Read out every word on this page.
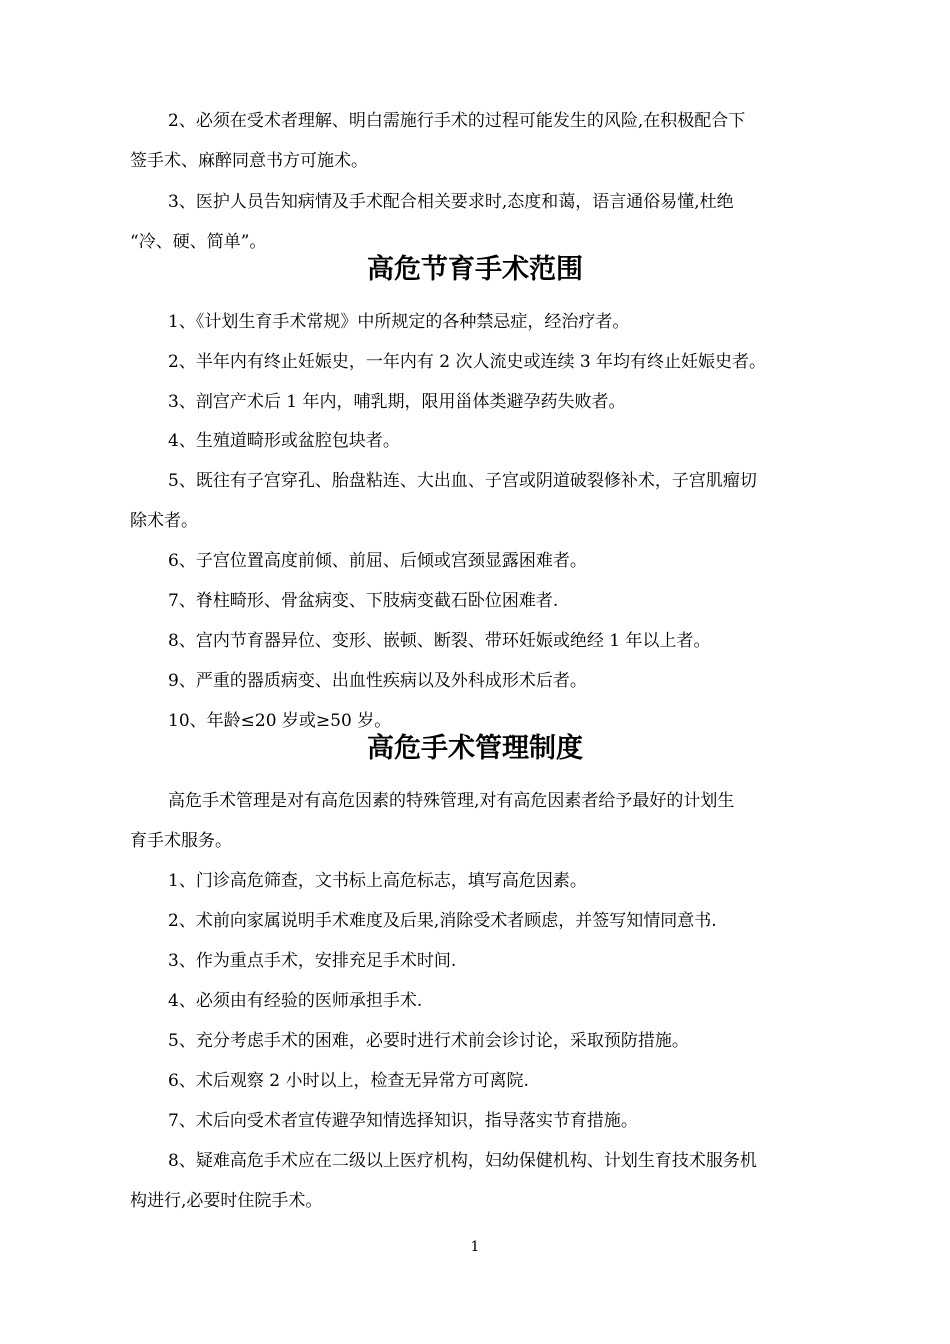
2、必须在受术者理解、明白需施行手术的过程可能发生的风险,在积极配合下

签手术、麻醉同意书方可施术。

3、医护人员告知病情及手术配合相关要求时,态度和蔼，语言通俗易懂,杜绝

“冷、硬、简单”。

高危节育手术范围

1、《计划生育手术常规》中所规定的各种禁忌症，经治疗者。

2、半年内有终止妊娠史，一年内有 2 次人流史或连续 3 年均有终止妊娠史者。

3、剖宫产术后 1 年内，哺乳期，限用甾体类避孕药失败者。

4、生殖道畸形或盆腔包块者。

5、既往有子宫穿孔、胎盘粘连、大出血、子宫或阴道破裂修补术，子宫肌瘤切

除术者。

6、子宫位置高度前倾、前屈、后倾或宫颈显露困难者。

7、脊柱畸形、骨盆病变、下肢病变截石卧位困难者.

8、宫内节育器异位、变形、嵌顿、断裂、带环妊娠或绝经 1 年以上者。

9、严重的器质病变、出血性疾病以及外科成形术后者。

10、年龄≤20 岁或≥50 岁。

高危手术管理制度

高危手术管理是对有高危因素的特殊管理,对有高危因素者给予最好的计划生

育手术服务。

1、门诊高危筛查，文书标上高危标志，填写高危因素。

2、术前向家属说明手术难度及后果,消除受术者顾虑，并签写知情同意书.

3、作为重点手术，安排充足手术时间.

4、必须由有经验的医师承担手术.

5、充分考虑手术的困难，必要时进行术前会诊讨论，采取预防措施。

6、术后观察 2 小时以上，检查无异常方可离院.

7、术后向受术者宣传避孕知情选择知识，指导落实节育措施。

8、疑难高危手术应在二级以上医疗机构，妇幼保健机构、计划生育技术服务机

构进行,必要时住院手术。

1
